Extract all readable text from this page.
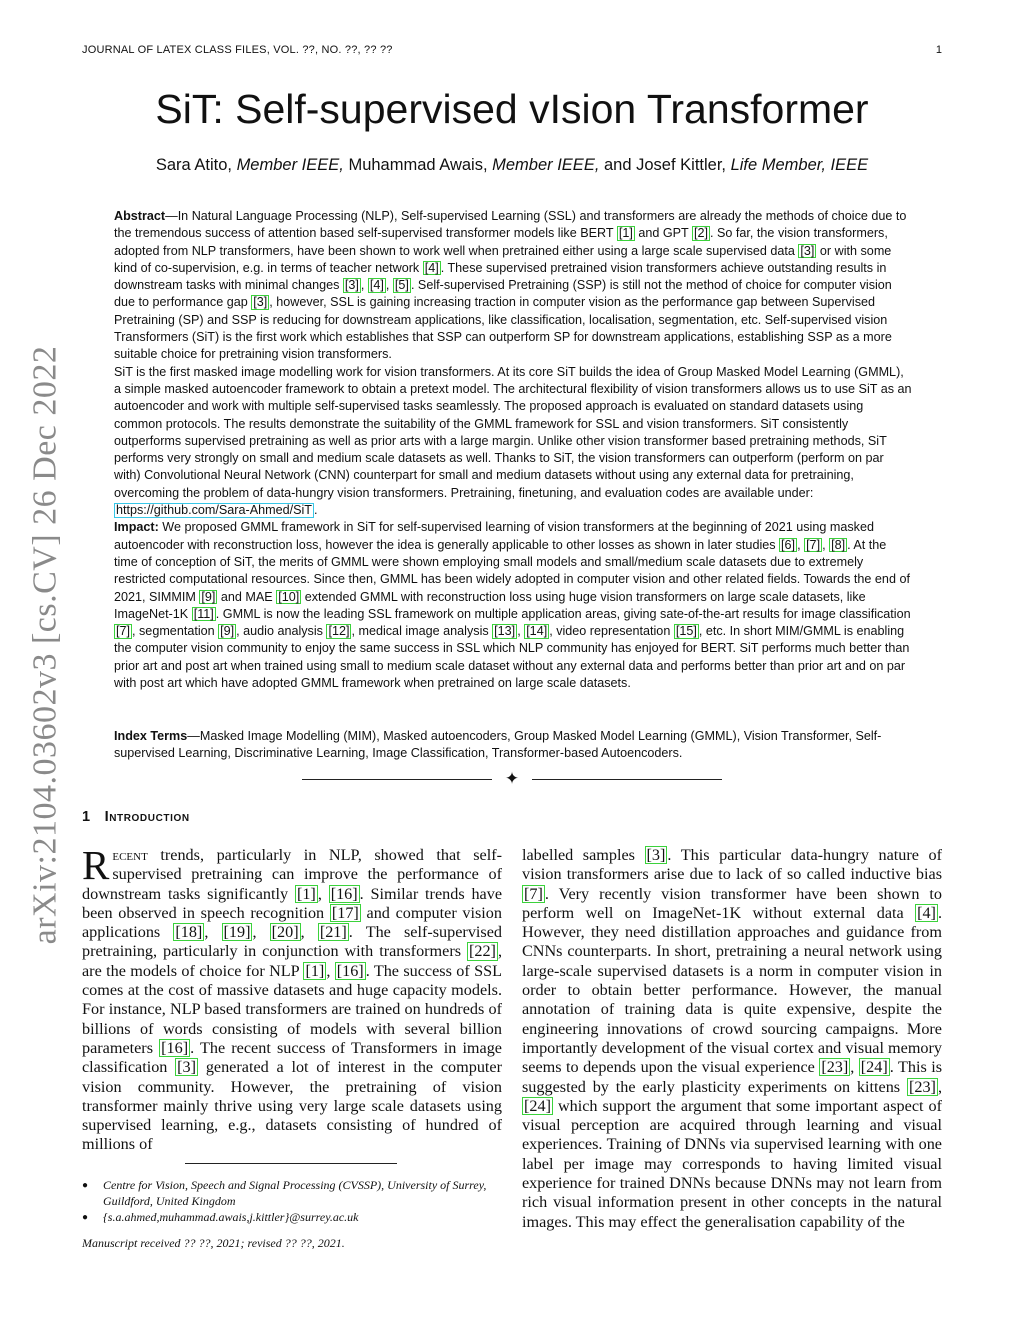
arXiv:2104.03602v3 [cs.CV] 26 Dec 2022
JOURNAL OF LATEX CLASS FILES, VOL. ??, NO. ??, ?? ??	1
SiT: Self-supervised vIsion Transformer
Sara Atito, Member IEEE, Muhammad Awais, Member IEEE, and Josef Kittler, Life Member, IEEE

Abstract—In Natural Language Processing (NLP), Self-supervised Learning (SSL) and transformers are already the methods of choice due to the tremendous success of attention based self-supervised transformer models like BERT [1] and GPT [2] . So far, the vision transformers, adopted from NLP transformers, have been shown to work well when pretrained either using a large scale supervised data [3] or with some kind of co-supervision, e.g. in terms of teacher network [4] . These supervised pretrained vision transformers achieve outstanding results in downstream tasks with minimal changes [3] , [4] , [5] . Self-supervised Pretraining (SSP) is still not the method of choice for computer vision due to performance gap [3] , however, SSL is gaining increasing traction in computer vision as the performance gap between Supervised Pretraining (SP) and SSP is reducing for downstream applications, like classification, localisation, segmentation, etc. Self-supervised vision Transformers (SiT) is the first work which establishes that SSP can outperform SP for downstream applications, establishing SSP as a more suitable choice for pretraining vision transformers.

SiT is the first masked image modelling work for vision transformers. At its core SiT builds the idea of Group Masked Model Learning (GMML), a simple masked autoencoder framework to obtain a pretext model. The architectural flexibility of vision transformers allows us to use SiT as an autoencoder and work with multiple self-supervised tasks seamlessly. The proposed approach is evaluated on standard datasets using common protocols. The results demonstrate the suitability of the GMML framework for SSL and vision transformers. SiT consistently outperforms supervised pretraining as well as prior arts with a large margin. Unlike other vision transformer based pretraining methods, SiT performs very strongly on small and medium scale datasets as well. Thanks to SiT, the vision transformers can outperform (perform on par with) Convolutional Neural Network (CNN) counterpart for small and medium datasets without using any external data for pretraining, overcoming the problem of data-hungry vision transformers. Pretraining, finetuning, and evaluation codes are available under: https://github.com/Sara-Ahmed/SiT .

Impact: We proposed GMML framework in SiT for self-supervised learning of vision transformers at the beginning of 2021 using masked autoencoder with reconstruction loss, however the idea is generally applicable to other losses as shown in later studies [6] , [7] , [8] . At the time of conception of SiT, the merits of GMML were shown employing small models and small/medium scale datasets due to extremely restricted computational resources. Since then, GMML has been widely adopted in computer vision and other related fields. Towards the end of 2021, SIMMIM [9] and MAE [10] extended GMML with reconstruction loss using huge vision transformers on large scale datasets, like ImageNet-1K [11] . GMML is now the leading SSL framework on multiple application areas, giving sate-of-the-art results for image classification [7] , segmentation [9] , audio analysis [12] , medical image analysis [13] , [14] , video representation [15] , etc. In short MIM/GMML is enabling the computer vision community to enjoy the same success in SSL which NLP community has enjoyed for BERT. SiT performs much better than prior art and post art when trained using small to medium scale dataset without any external data and performs better than prior art and on par with post art which have adopted GMML framework when pretrained on large scale datasets.

Index Terms—Masked Image Modelling (MIM), Masked autoencoders, Group Masked Model Learning (GMML), Vision Transformer, Self-supervised Learning, Discriminative Learning, Image Classification, Transformer-based Autoencoders.

✦
1 Introduction

Recent trends, particularly in NLP, showed that self-supervised pretraining can improve the performance of downstream tasks significantly [1] , [16] . Similar trends have been observed in speech recognition [17] and computer vision applications [18] , [19] , [20] , [21] . The self-supervised pretraining, particularly in conjunction with transformers [22] , are the models of choice for NLP [1] , [16] . The success of SSL comes at the cost of massive datasets and huge capacity models. For instance, NLP based transformers are trained on hundreds of billions of words consisting of models with several billion parameters [16] . The recent success of Transformers in image classification [3] generated a lot of interest in the computer vision community. However, the pretraining of vision transformer mainly thrive using very large scale datasets using supervised learning, e.g., datasets consisting of hundred of millions of

labelled samples [3] . This particular data-hungry nature of vision transformers arise due to lack of so called inductive bias [7] . Very recently vision transformer have been shown to perform well on ImageNet-1K without external data [4] . However, they need distillation approaches and guidance from CNNs counterparts. In short, pretraining a neural network using large-scale supervised datasets is a norm in computer vision in order to obtain better performance. However, the manual annotation of training data is quite expensive, despite the engineering innovations of crowd sourcing campaigns. More importantly development of the visual cortex and visual memory seems to depends upon the visual experience [23] , [24] . This is suggested by the early plasticity experiments on kittens [23] , [24] which support the argument that some important aspect of visual perception are acquired through learning and visual experiences. Training of DNNs via supervised learning with one label per image may corresponds to having limited visual experience for trained DNNs because DNNs may not learn from rich visual information present in other concepts in the natural images. This may effect the generalisation capability of the

● Centre for Vision, Speech and Signal Processing (CVSSP), University of Surrey, Guildford, United Kingdom
● {s.a.ahmed,muhammad.awais,j.kittler}@surrey.ac.uk

Manuscript received ?? ??, 2021; revised ?? ??, 2021.
